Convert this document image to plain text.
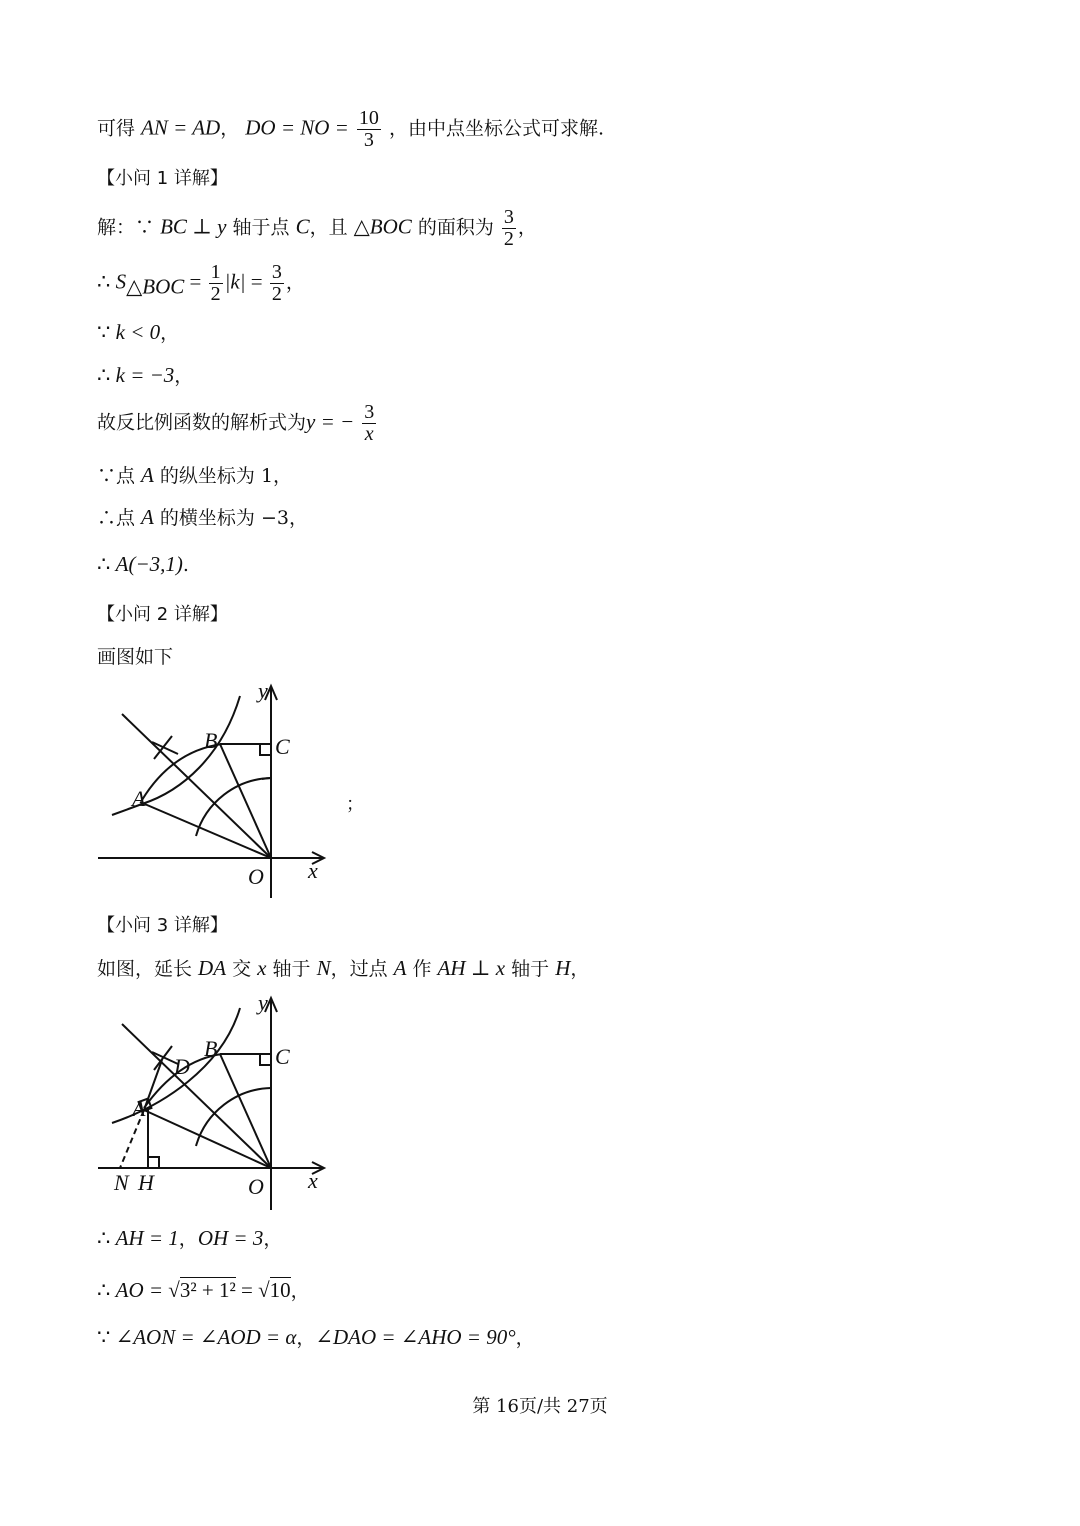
可得 AN = AD， DO = NO = $\frac{10}{3}$ ，由中点坐标公式可求解.
【小问 1 详解】
解：∵ BC ⊥ y 轴于点 C，且 △BOC 的面积为 $\frac{3}{2}$ ，
∴ $S_{\triangle BOC} = \frac{1}{2} |k| = \frac{3}{2}$ ，
∵ k < 0，
∴ k = −3，
故反比例函数的解析式为y = − $\frac{3}{x}$
∵点 A 的纵坐标为 1，
∴点 A 的横坐标为 −3，
∴ A(−3,1).
【小问 2 详解】
画图如下
y
x
O
A
B	C
；
【小问 3 详解】
如图，延长 DA 交 x 轴于 N，过点 A 作 AH ⊥ x 轴于 H，
y
x
O
A
B	C
D
N H
∴ AH = 1，OH = 3，
∴ AO = √3² + 1² = √10，
∵ ∠AON = ∠AOD = α，∠DAO = ∠AHO = 90°，
第 16页/共 27页
